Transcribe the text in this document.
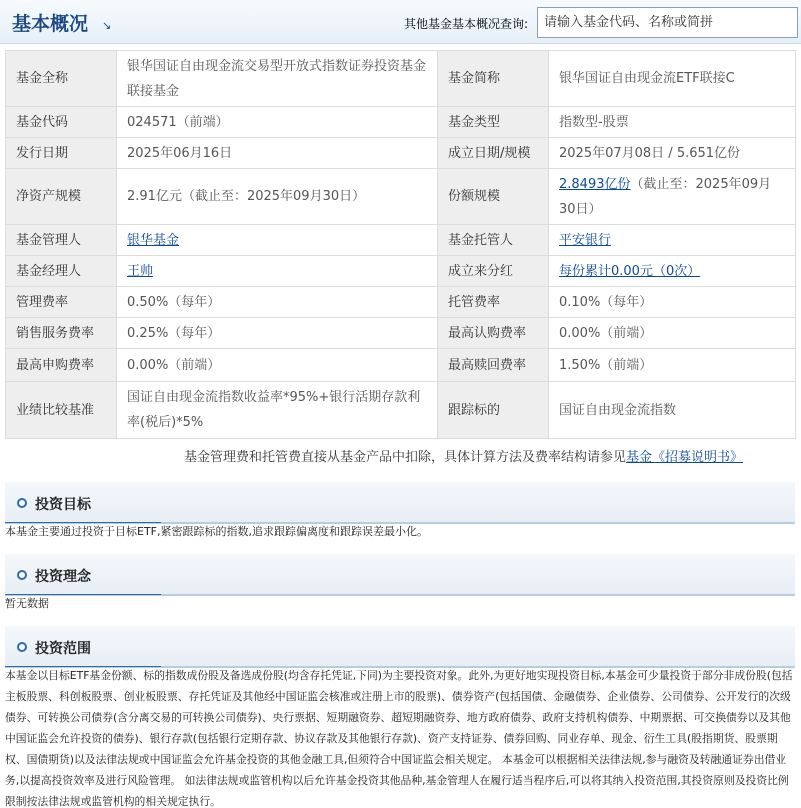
基本概况 ↘	其他基金基本概况查询:
请输入基金代码、名称或简拼
基金全称	银华国证自由现金流交易型开放式指数证券投资基金联接基金	基金简称	银华国证自由现金流ETF联接C
基金代码	024571（前端）	基金类型	指数型-股票
发行日期	2025年06月16日	成立日期/规模	2025年07月08日 / 5.651亿份
净资产规模	2.91亿元（截止至：2025年09月30日）	份额规模	2.8493亿份（截止至：2025年09月30日）
基金管理人	银华基金	基金托管人	平安银行
基金经理人	王帅	成立来分红	每份累计0.00元（0次）
管理费率	0.50%（每年）	托管费率	0.10%（每年）
销售服务费率	0.25%（每年）	最高认购费率	0.00%（前端）
最高申购费率	0.00%（前端）	最高赎回费率	1.50%（前端）
业绩比较基准	国证自由现金流指数收益率*95%+银行活期存款利率(税后)*5%	跟踪标的	国证自由现金流指数
基金管理费和托管费直接从基金产品中扣除，具体计算方法及费率结构请参见基金《招募说明书》
投资目标
本基金主要通过投资于目标ETF,紧密跟踪标的指数,追求跟踪偏离度和跟踪误差最小化。
投资理念
暂无数据
投资范围
本基金以目标ETF基金份额、标的指数成份股及备选成份股(均含存托凭证,下同)为主要投资对象。此外,为更好地实现投资目标,本基金可少量投资于部分非成份股(包括主板股票、科创板股票、创业板股票、存托凭证及其他经中国证监会核准或注册上市的股票)、债券资产(包括国债、金融债券、企业债券、公司债券、公开发行的次级债券、可转换公司债券(含分离交易的可转换公司债券)、央行票据、短期融资券、超短期融资券、地方政府债券、政府支持机构债券、中期票据、可交换债券以及其他中国证监会允许投资的债券)、银行存款(包括银行定期存款、协议存款及其他银行存款)、资产支持证券、债券回购、同业存单、现金、衍生工具(股指期货、股票期权、国债期货)以及法律法规或中国证监会允许基金投资的其他金融工具,但须符合中国证监会相关规定。 本基金可以根据相关法律法规,参与融资及转融通证券出借业务,以提高投资效率及进行风险管理。 如法律法规或监管机构以后允许基金投资其他品种,基金管理人在履行适当程序后,可以将其纳入投资范围,其投资原则及投资比例限制按法律法规或监管机构的相关规定执行。
